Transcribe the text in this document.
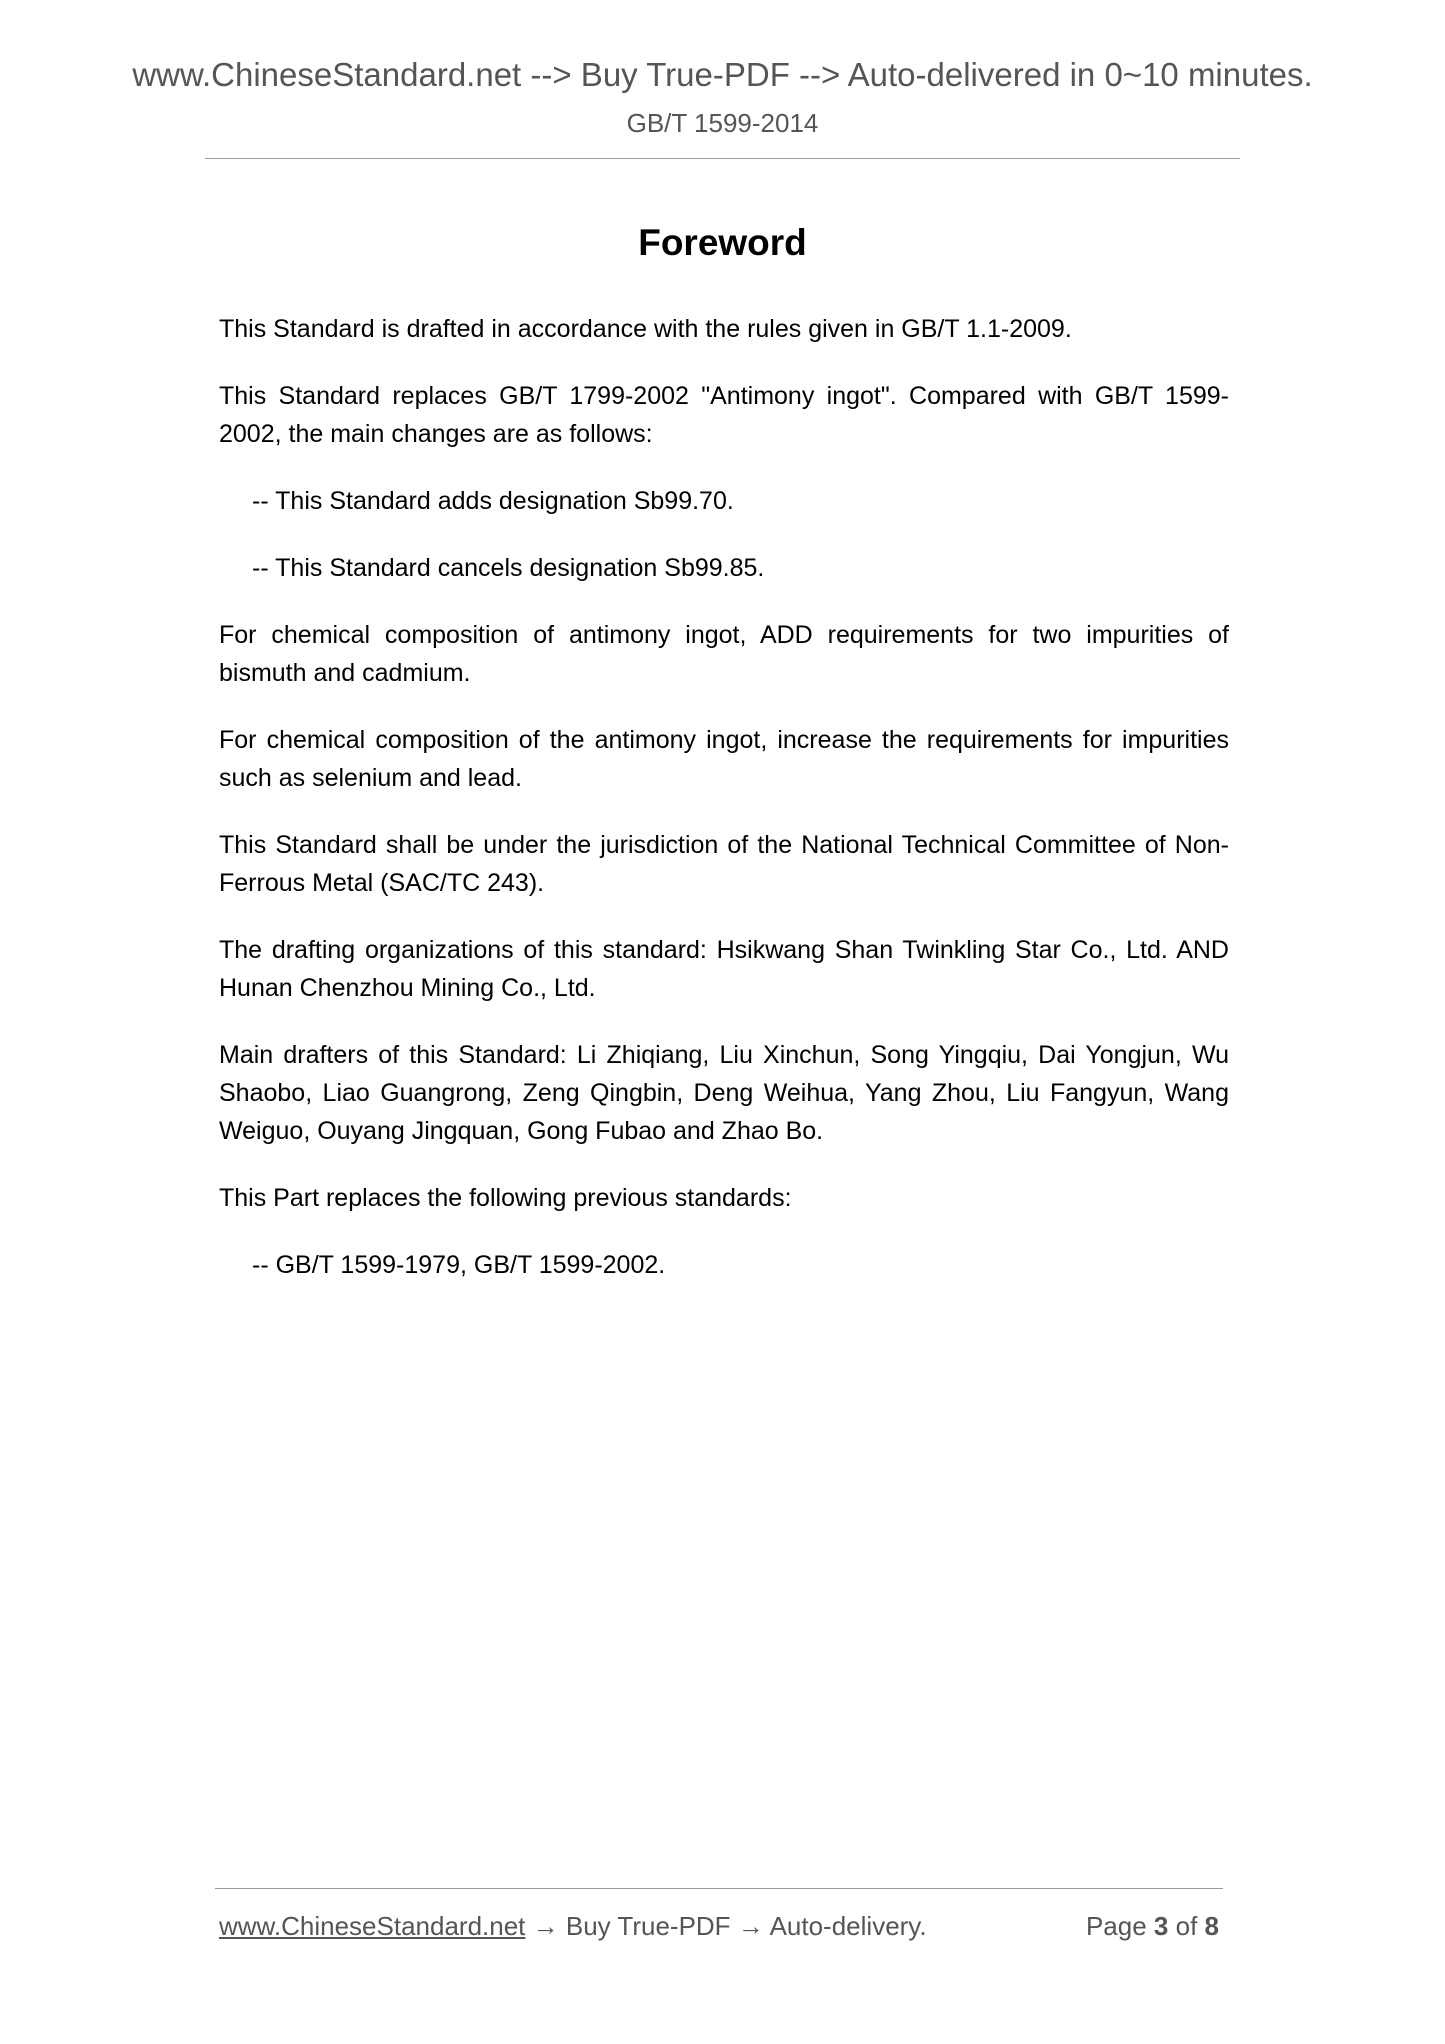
www.ChineseStandard.net --> Buy True-PDF --> Auto-delivered in 0~10 minutes.
GB/T 1599-2014
Foreword

This Standard is drafted in accordance with the rules given in GB/T 1.1-2009.

This Standard replaces GB/T 1799-2002 "Antimony ingot". Compared with GB/T 1599-2002, the main changes are as follows:

-- This Standard adds designation Sb99.70.

-- This Standard cancels designation Sb99.85.

For chemical composition of antimony ingot, ADD requirements for two impurities of bismuth and cadmium.

For chemical composition of the antimony ingot, increase the requirements for impurities such as selenium and lead.

This Standard shall be under the jurisdiction of the National Technical Committee of Non-Ferrous Metal (SAC/TC 243).

The drafting organizations of this standard: Hsikwang Shan Twinkling Star Co., Ltd. AND Hunan Chenzhou Mining Co., Ltd.

Main drafters of this Standard: Li Zhiqiang, Liu Xinchun, Song Yingqiu, Dai Yongjun, Wu Shaobo, Liao Guangrong, Zeng Qingbin, Deng Weihua, Yang Zhou, Liu Fangyun, Wang Weiguo, Ouyang Jingquan, Gong Fubao and Zhao Bo.

This Part replaces the following previous standards:

-- GB/T 1599-1979, GB/T 1599-2002.

www.ChineseStandard.net → Buy True-PDF → Auto-delivery.	Page 3 of 8
